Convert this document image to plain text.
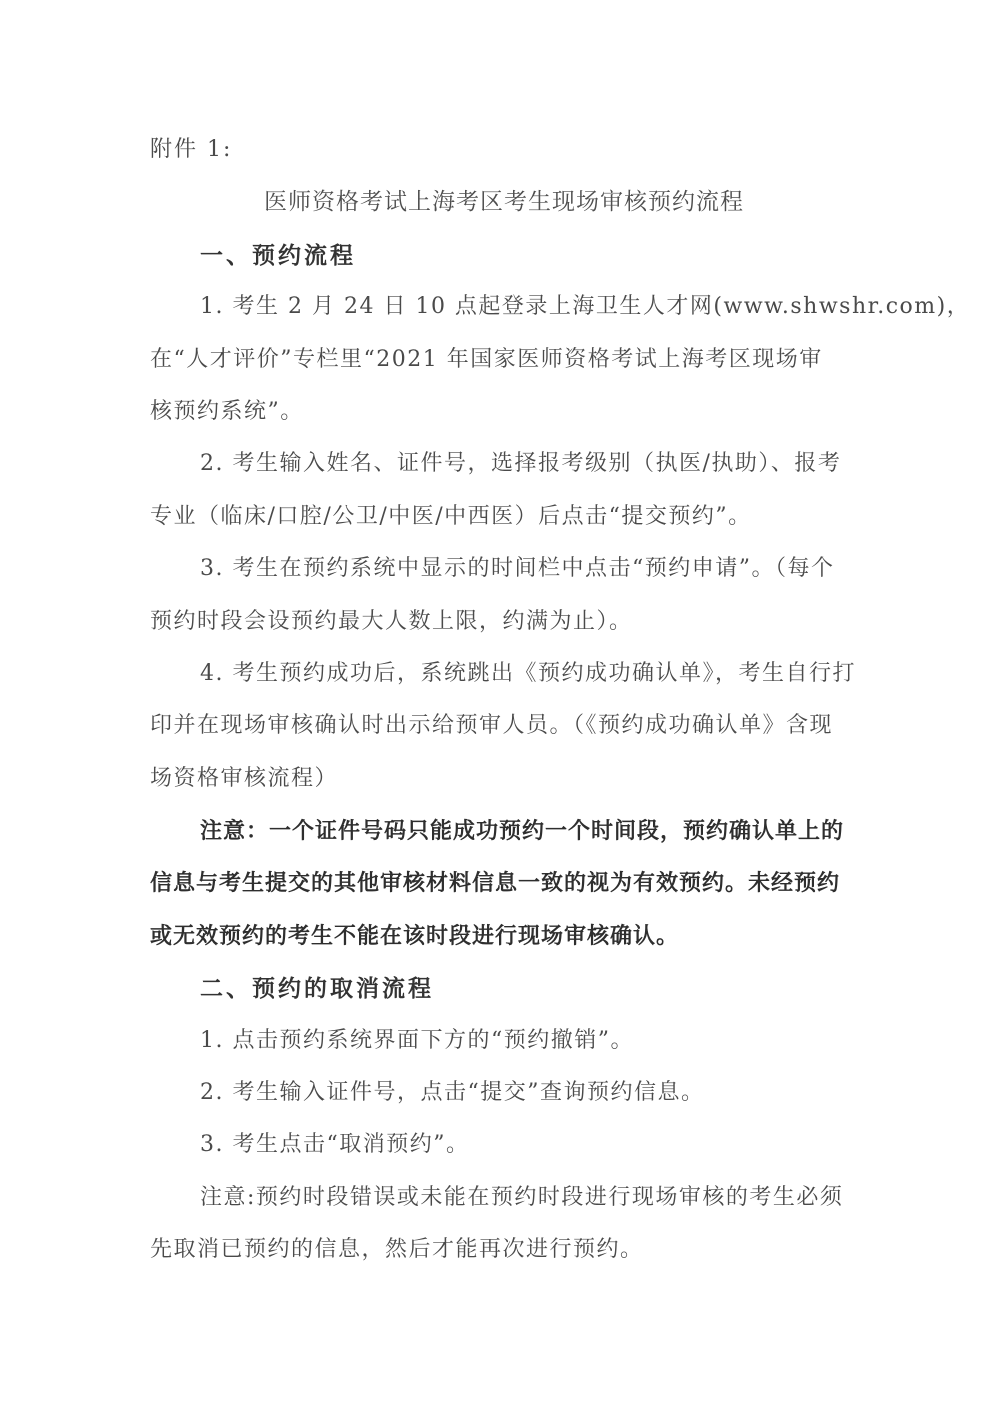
附件 1:
医师资格考试上海考区考生现场审核预约流程
一、预约流程
1. 考生 2 月 24 日 10 点起登录上海卫生人才网(www.shwshr.com)，
在“人才评价”专栏里“2021 年国家医师资格考试上海考区现场审
核预约系统”。
2. 考生输入姓名、证件号，选择报考级别（执医/执助）、报考
专业（临床/口腔/公卫/中医/中西医）后点击“提交预约”。
3. 考生在预约系统中显示的时间栏中点击“预约申请”。（每个
预约时段会设预约最大人数上限，约满为止）。
4. 考生预约成功后，系统跳出《预约成功确认单》，考生自行打
印并在现场审核确认时出示给预审人员。（《预约成功确认单》含现
场资格审核流程）
注意：一个证件号码只能成功预约一个时间段，预约确认单上的
信息与考生提交的其他审核材料信息一致的视为有效预约。未经预约
或无效预约的考生不能在该时段进行现场审核确认。
二、预约的取消流程
1. 点击预约系统界面下方的“预约撤销”。
2. 考生输入证件号，点击“提交”查询预约信息。
3. 考生点击“取消预约”。
注意:预约时段错误或未能在预约时段进行现场审核的考生必须
先取消已预约的信息，然后才能再次进行预约。
